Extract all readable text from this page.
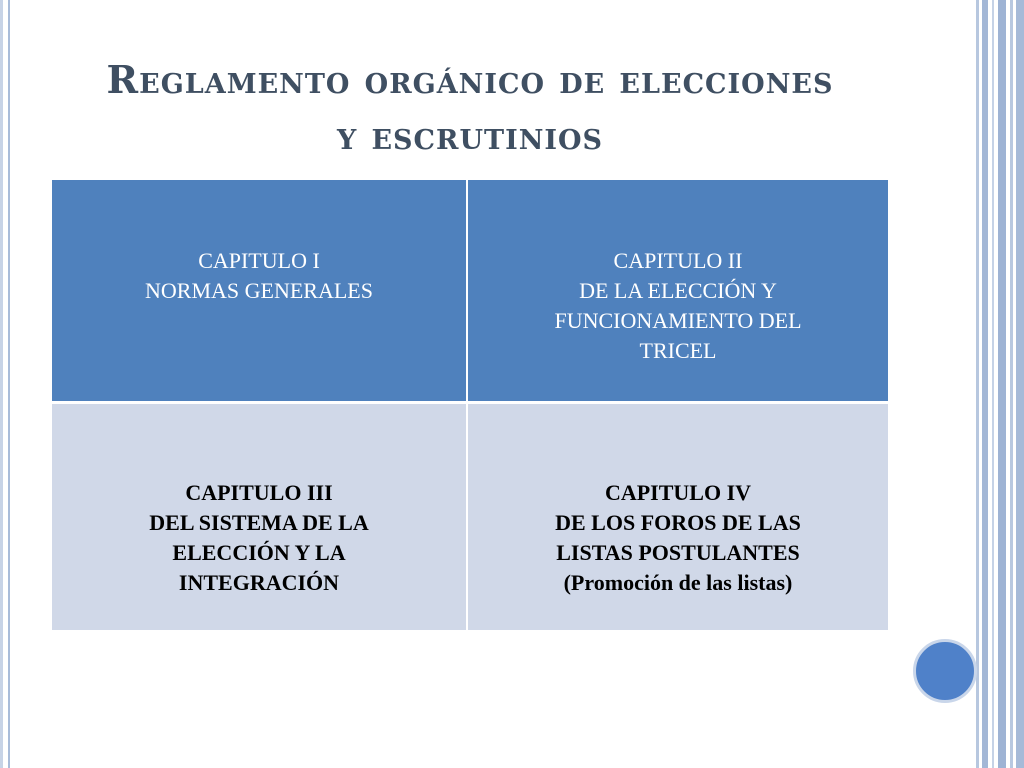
Reglamento orgánico de elecciones
y escrutinios
CAPITULO I
NORMAS GENERALES
CAPITULO II
DE LA ELECCIÓN Y
FUNCIONAMIENTO DEL
TRICEL
CAPITULO III
DEL SISTEMA DE LA
ELECCIÓN Y LA
INTEGRACIÓN
CAPITULO IV
DE LOS FOROS DE LAS
LISTAS POSTULANTES
(Promoción de las listas)
